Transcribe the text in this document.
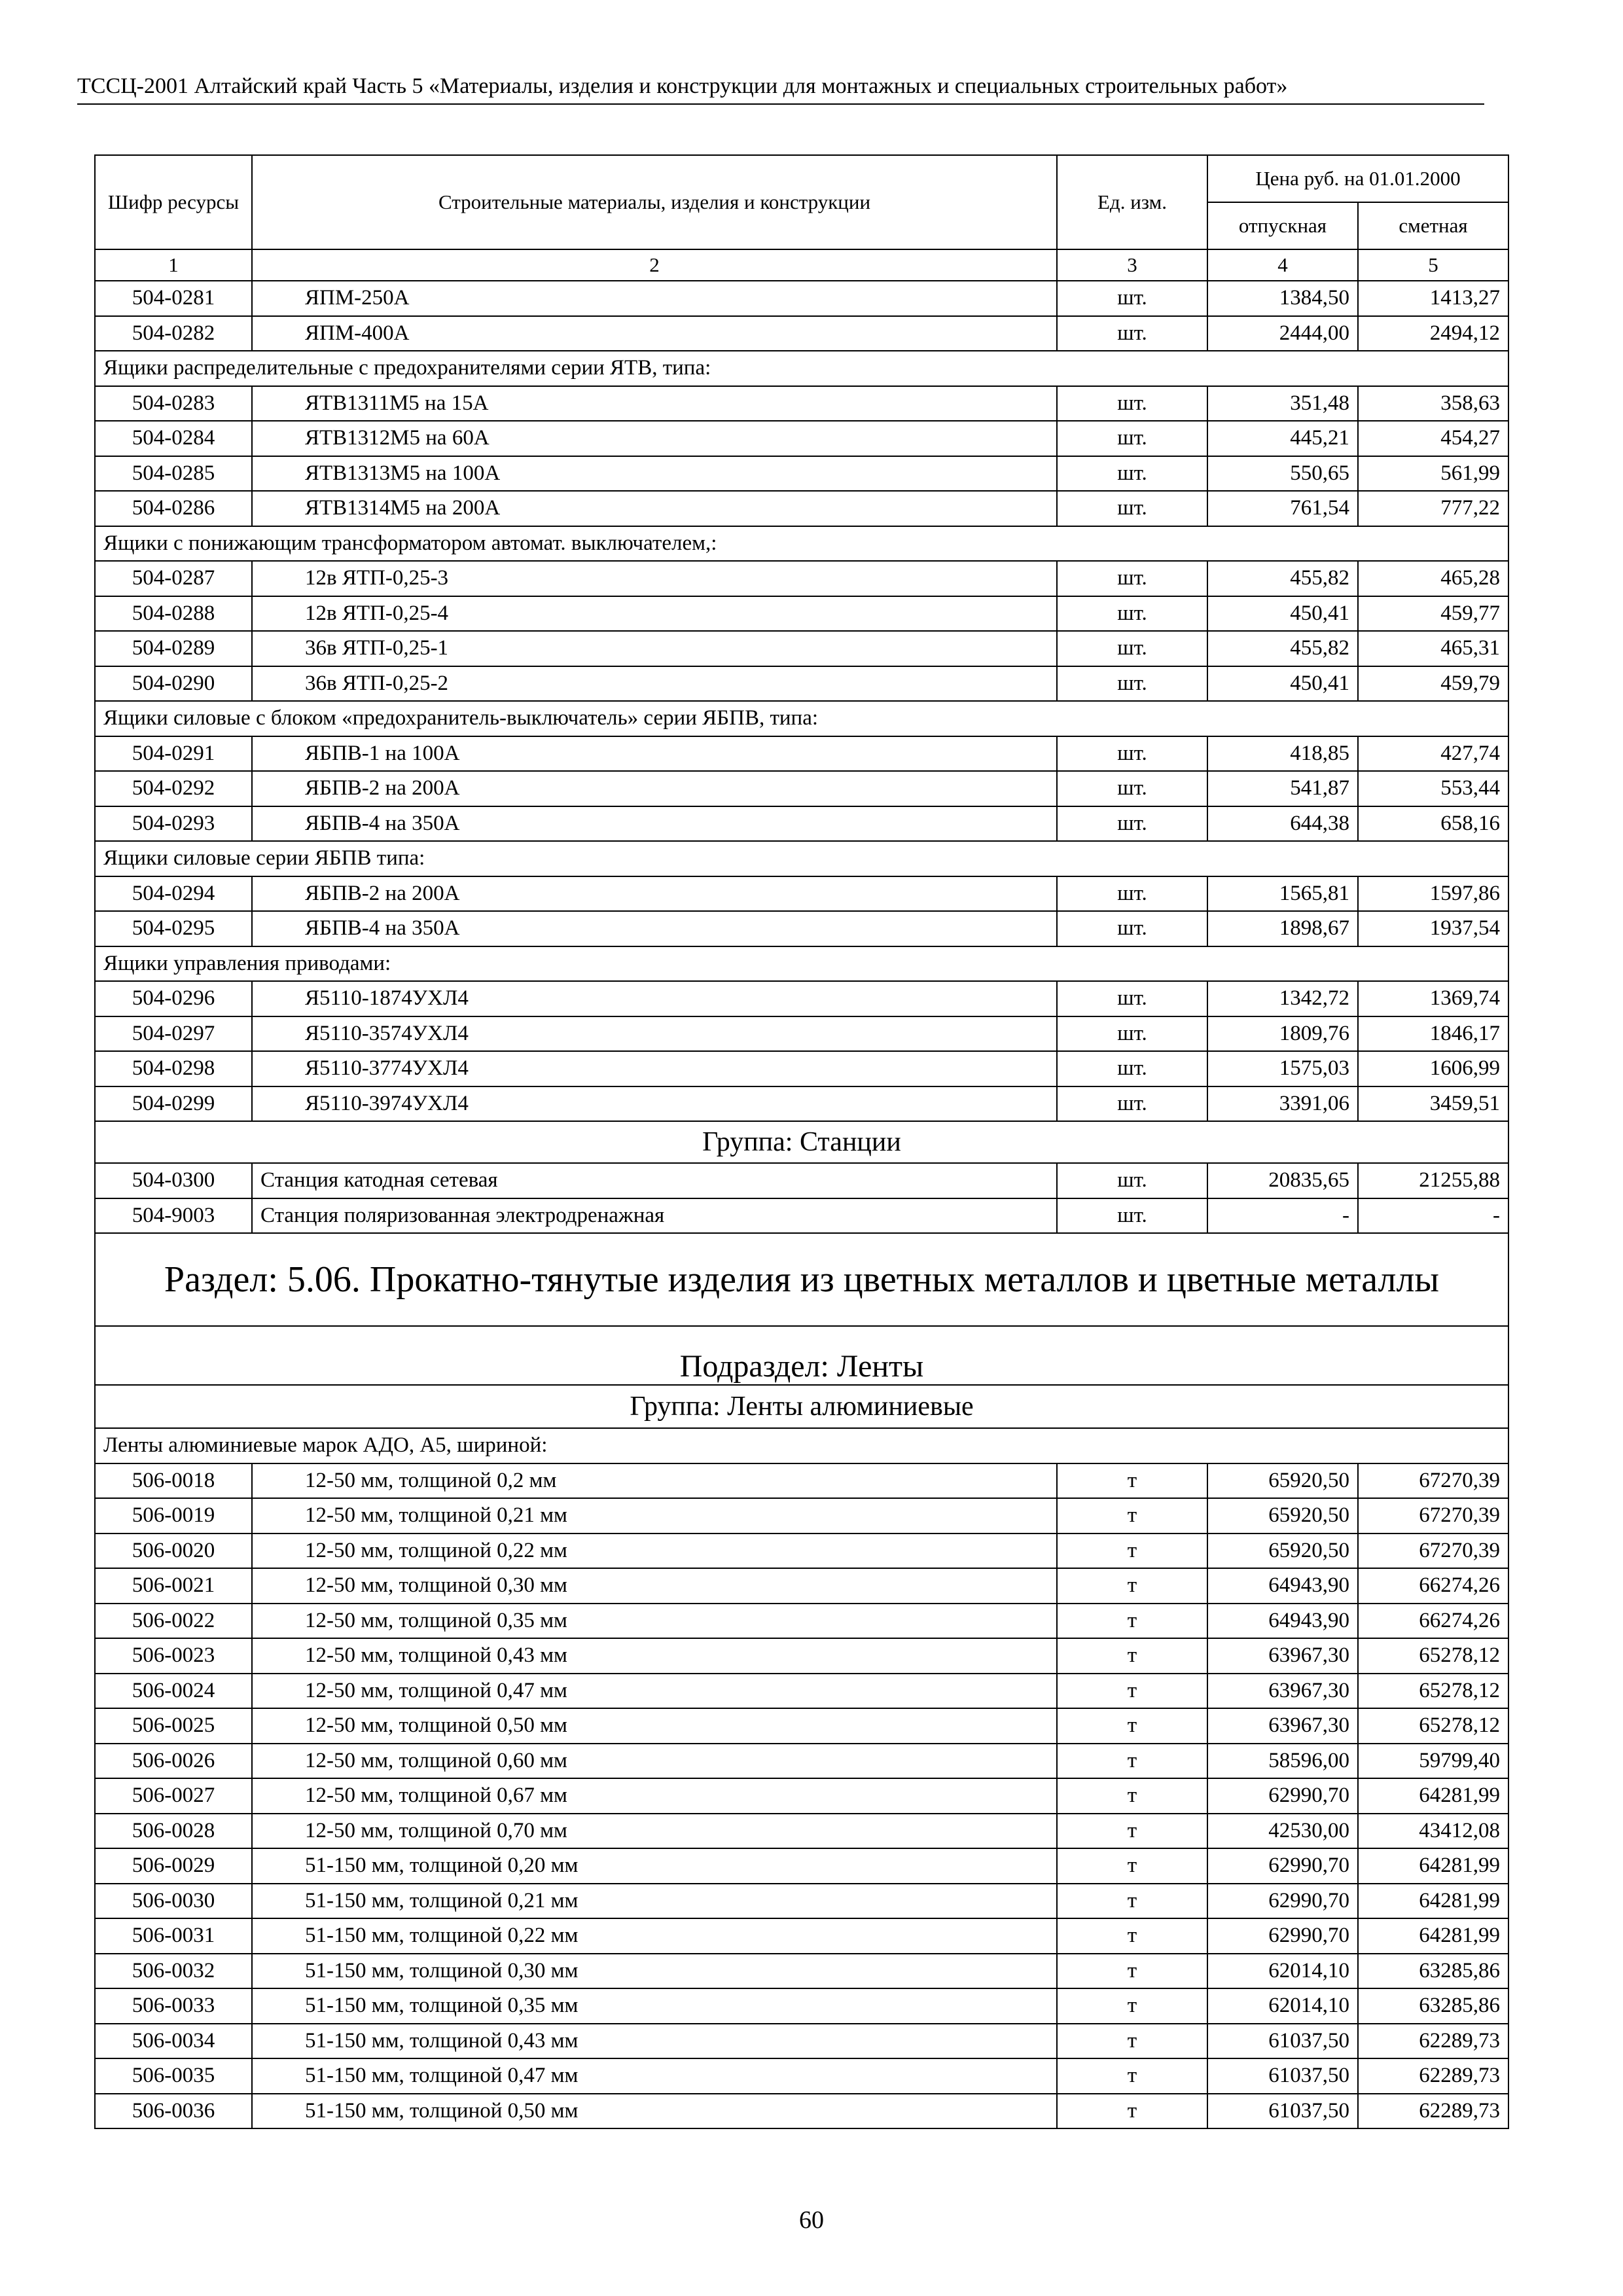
ТССЦ-2001 Алтайский край Часть 5 «Материалы, изделия и конструкции для монтажных и специальных строительных работ»
Шифр ресурсы	Строительные материалы, изделия и конструкции	Ед. изм.	Цена руб. на 01.01.2000	
			отпускная	сметная
1	2	3	4	5
504-0281	ЯПМ-250А	шт.	1384,50	1413,27
504-0282	ЯПМ-400А	шт.	2444,00	2494,12
Ящики распределительные с предохранителями серии ЯТВ, типа:				
504-0283	ЯТВ1311М5 на 15А	шт.	351,48	358,63
504-0284	ЯТВ1312М5 на 60А	шт.	445,21	454,27
504-0285	ЯТВ1313М5 на 100А	шт.	550,65	561,99
504-0286	ЯТВ1314М5 на 200А	шт.	761,54	777,22
Ящики с понижающим трансформатором автомат. выключателем,:				
504-0287	12в ЯТП-0,25-3	шт.	455,82	465,28
504-0288	12в ЯТП-0,25-4	шт.	450,41	459,77
504-0289	36в ЯТП-0,25-1	шт.	455,82	465,31
504-0290	36в ЯТП-0,25-2	шт.	450,41	459,79
Ящики силовые с блоком «предохранитель-выключатель» серии ЯБПВ, типа:				
504-0291	ЯБПВ-1 на 100А	шт.	418,85	427,74
504-0292	ЯБПВ-2 на 200А	шт.	541,87	553,44
504-0293	ЯБПВ-4 на 350А	шт.	644,38	658,16
Ящики силовые серии ЯБПВ типа:				
504-0294	ЯБПВ-2 на 200А	шт.	1565,81	1597,86
504-0295	ЯБПВ-4 на 350А	шт.	1898,67	1937,54
Ящики управления приводами:				
504-0296	Я5110-1874УХЛ4	шт.	1342,72	1369,74
504-0297	Я5110-3574УХЛ4	шт.	1809,76	1846,17
504-0298	Я5110-3774УХЛ4	шт.	1575,03	1606,99
504-0299	Я5110-3974УХЛ4	шт.	3391,06	3459,51
Группа: Станции				
504-0300	Станция катодная сетевая	шт.	20835,65	21255,88
504-9003	Станция поляризованная электродренажная	шт.	-	-
Раздел: 5.06. Прокатно-тянутые изделия из цветных металлов и цветные металлы				
Подраздел: Ленты				
Группа: Ленты алюминиевые				
Ленты алюминиевые марок АДО, А5, шириной:				
506-0018	12-50 мм, толщиной 0,2 мм	т	65920,50	67270,39
506-0019	12-50 мм, толщиной 0,21 мм	т	65920,50	67270,39
506-0020	12-50 мм, толщиной 0,22 мм	т	65920,50	67270,39
506-0021	12-50 мм, толщиной 0,30 мм	т	64943,90	66274,26
506-0022	12-50 мм, толщиной 0,35 мм	т	64943,90	66274,26
506-0023	12-50 мм, толщиной 0,43 мм	т	63967,30	65278,12
506-0024	12-50 мм, толщиной 0,47 мм	т	63967,30	65278,12
506-0025	12-50 мм, толщиной 0,50 мм	т	63967,30	65278,12
506-0026	12-50 мм, толщиной 0,60 мм	т	58596,00	59799,40
506-0027	12-50 мм, толщиной 0,67 мм	т	62990,70	64281,99
506-0028	12-50 мм, толщиной 0,70 мм	т	42530,00	43412,08
506-0029	51-150 мм, толщиной 0,20 мм	т	62990,70	64281,99
506-0030	51-150 мм, толщиной 0,21 мм	т	62990,70	64281,99
506-0031	51-150 мм, толщиной 0,22 мм	т	62990,70	64281,99
506-0032	51-150 мм, толщиной 0,30 мм	т	62014,10	63285,86
506-0033	51-150 мм, толщиной 0,35 мм	т	62014,10	63285,86
506-0034	51-150 мм, толщиной 0,43 мм	т	61037,50	62289,73
506-0035	51-150 мм, толщиной 0,47 мм	т	61037,50	62289,73
506-0036	51-150 мм, толщиной 0,50 мм	т	61037,50	62289,73
60
